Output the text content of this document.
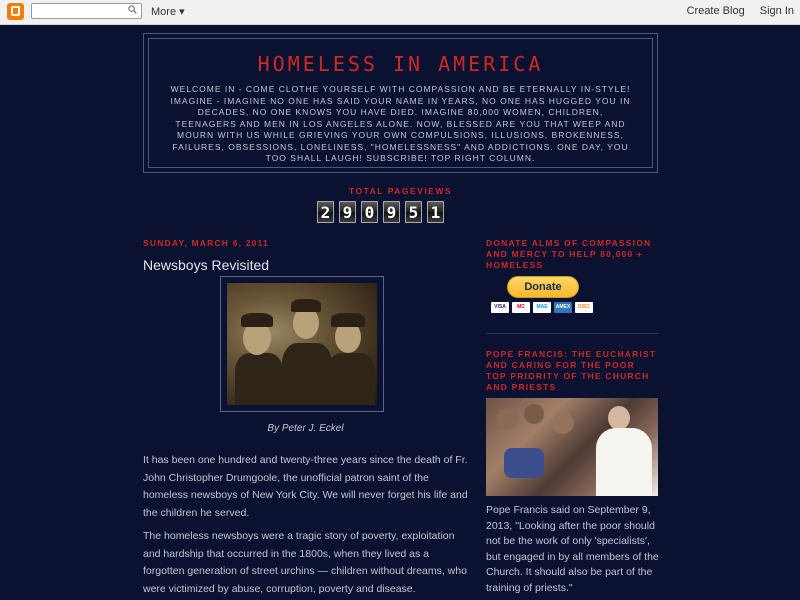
More ▾	Create Blog Sign In
HOMELESS IN AMERICA
WELCOME IN - COME CLOTHE YOURSELF WITH COMPASSION AND BE ETERNALLY IN-STYLE! IMAGINE - IMAGINE NO ONE HAS SAID YOUR NAME IN YEARS, NO ONE HAS HUGGED YOU IN DECADES, NO ONE KNOWS YOU HAVE DIED. IMAGINE 80,000 WOMEN, CHILDREN, TEENAGERS AND MEN IN LOS ANGELES ALONE. NOW, BLESSED ARE YOU THAT WEEP AND MOURN WITH US WHILE GRIEVING YOUR OWN COMPULSIONS, ILLUSIONS, BROKENNESS, FAILURES, OBSESSIONS, LONELINESS, "HOMELESSNESS" AND ADDICTIONS. ONE DAY, YOU TOO SHALL LAUGH! SUBSCRIBE! TOP RIGHT COLUMN.
TOTAL PAGEVIEWS
2 9 0 9 5 1
SUNDAY, MARCH 6, 2011
Newsboys Revisited
By Peter J. Eckel

It has been one hundred and twenty-three years since the death of Fr. John Christopher Drumgoole, the unofficial patron saint of the homeless newsboys of New York City. We will never forget his life and the children he served.

The homeless newsboys were a tragic story of poverty, exploitation and hardship that occurred in the 1800s, when they lived as a forgotten generation of street urchins — children without dreams, who were victimized by abuse, corruption, poverty and disease.

DONATE ALMS OF COMPASSION AND MERCY TO HELP 80,000 + HOMELESS
Donate
VISA	MC	MAE	AMEX	DISC
POPE FRANCIS: THE EUCHARIST AND CARING FOR THE POOR TOP PRIORITY OF THE CHURCH AND PRIESTS

Pope Francis said on September 9, 2013, "Looking after the poor should not be the work of only 'specialists', but engaged in by all members of the Church. It should also be part of the training of priests."
